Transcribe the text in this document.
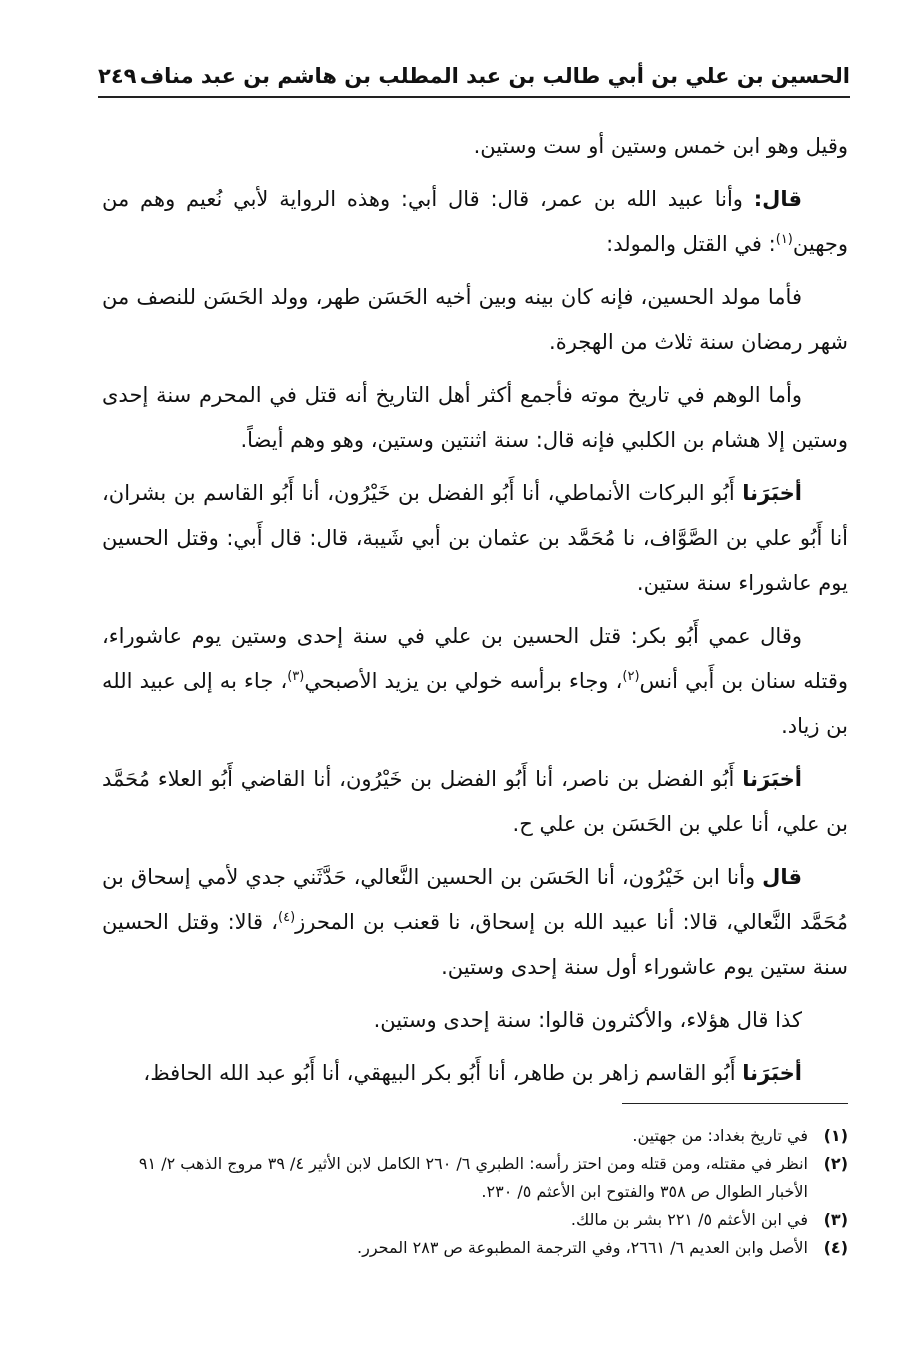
الحسين بن علي بن أبي طالب بن عبد المطلب بن هاشم بن عبد مناف
٢٤٩

وقيل وهو ابن خمس وستين أو ست وستين.

قال: وأنا عبيد الله بن عمر، قال: قال أبي: وهذه الرواية لأبي نُعيم وهم من وجهين$^{(١)}$: في القتل والمولد:

فأما مولد الحسين، فإنه كان بينه وبين أخيه الحَسَن طهر، وولد الحَسَن للنصف من شهر رمضان سنة ثلاث من الهجرة.

وأما الوهم في تاريخ موته فأجمع أكثر أهل التاريخ أنه قتل في المحرم سنة إحدى وستين إلا هشام بن الكلبي فإنه قال: سنة اثنتين وستين، وهو وهم أيضاً.

أخبَرَنا أَبُو البركات الأنماطي، أنا أَبُو الفضل بن خَيْرُون، أنا أَبُو القاسم بن بشران، أنا أَبُو علي بن الصَّوَّاف، نا مُحَمَّد بن عثمان بن أبي شَيبة، قال: قال أَبي: وقتل الحسين يوم عاشوراء سنة ستين.

وقال عمي أَبُو بكر: قتل الحسين بن علي في سنة إحدى وستين يوم عاشوراء، وقتله سنان بن أَبي أنس$^{(٢)}$، وجاء برأسه خولي بن يزيد الأصبحي$^{(٣)}$، جاء به إلى عبيد الله بن زياد.

أخبَرَنا أَبُو الفضل بن ناصر، أنا أَبُو الفضل بن خَيْرُون، أنا القاضي أَبُو العلاء مُحَمَّد بن علي، أنا علي بن الحَسَن بن علي ح.

قال وأنا ابن خَيْرُون، أنا الحَسَن بن الحسين النَّعالي، حَدَّثَني جدي لأمي إسحاق بن مُحَمَّد النَّعالي، قالا: أنا عبيد الله بن إسحاق، نا قعنب بن المحرز$^{(٤)}$، قالا: وقتل الحسين سنة ستين يوم عاشوراء أول سنة إحدى وستين.

كذا قال هؤلاء، والأكثرون قالوا: سنة إحدى وستين.

أخبَرَنا أَبُو القاسم زاهر بن طاهر، أنا أَبُو بكر البيهقي، أنا أَبُو عبد الله الحافظ،

(١)
في تاريخ بغداد: من جهتين.
(٢)
انظر في مقتله، ومن قتله ومن احتز رأسه: الطبري ٦/ ٢٦٠ الكامل لابن الأثير ٤/ ٣٩ مروج الذهب ٢/ ٩١ الأخبار الطوال ص ٣٥٨ والفتوح ابن الأعثم ٥/ ٢٣٠.
(٣)
في ابن الأعثم ٥/ ٢٢١ بشر بن مالك.
(٤)
الأصل وابن العديم ٦/ ٢٦٦١، وفي الترجمة المطبوعة ص ٢٨٣ المحرر.
